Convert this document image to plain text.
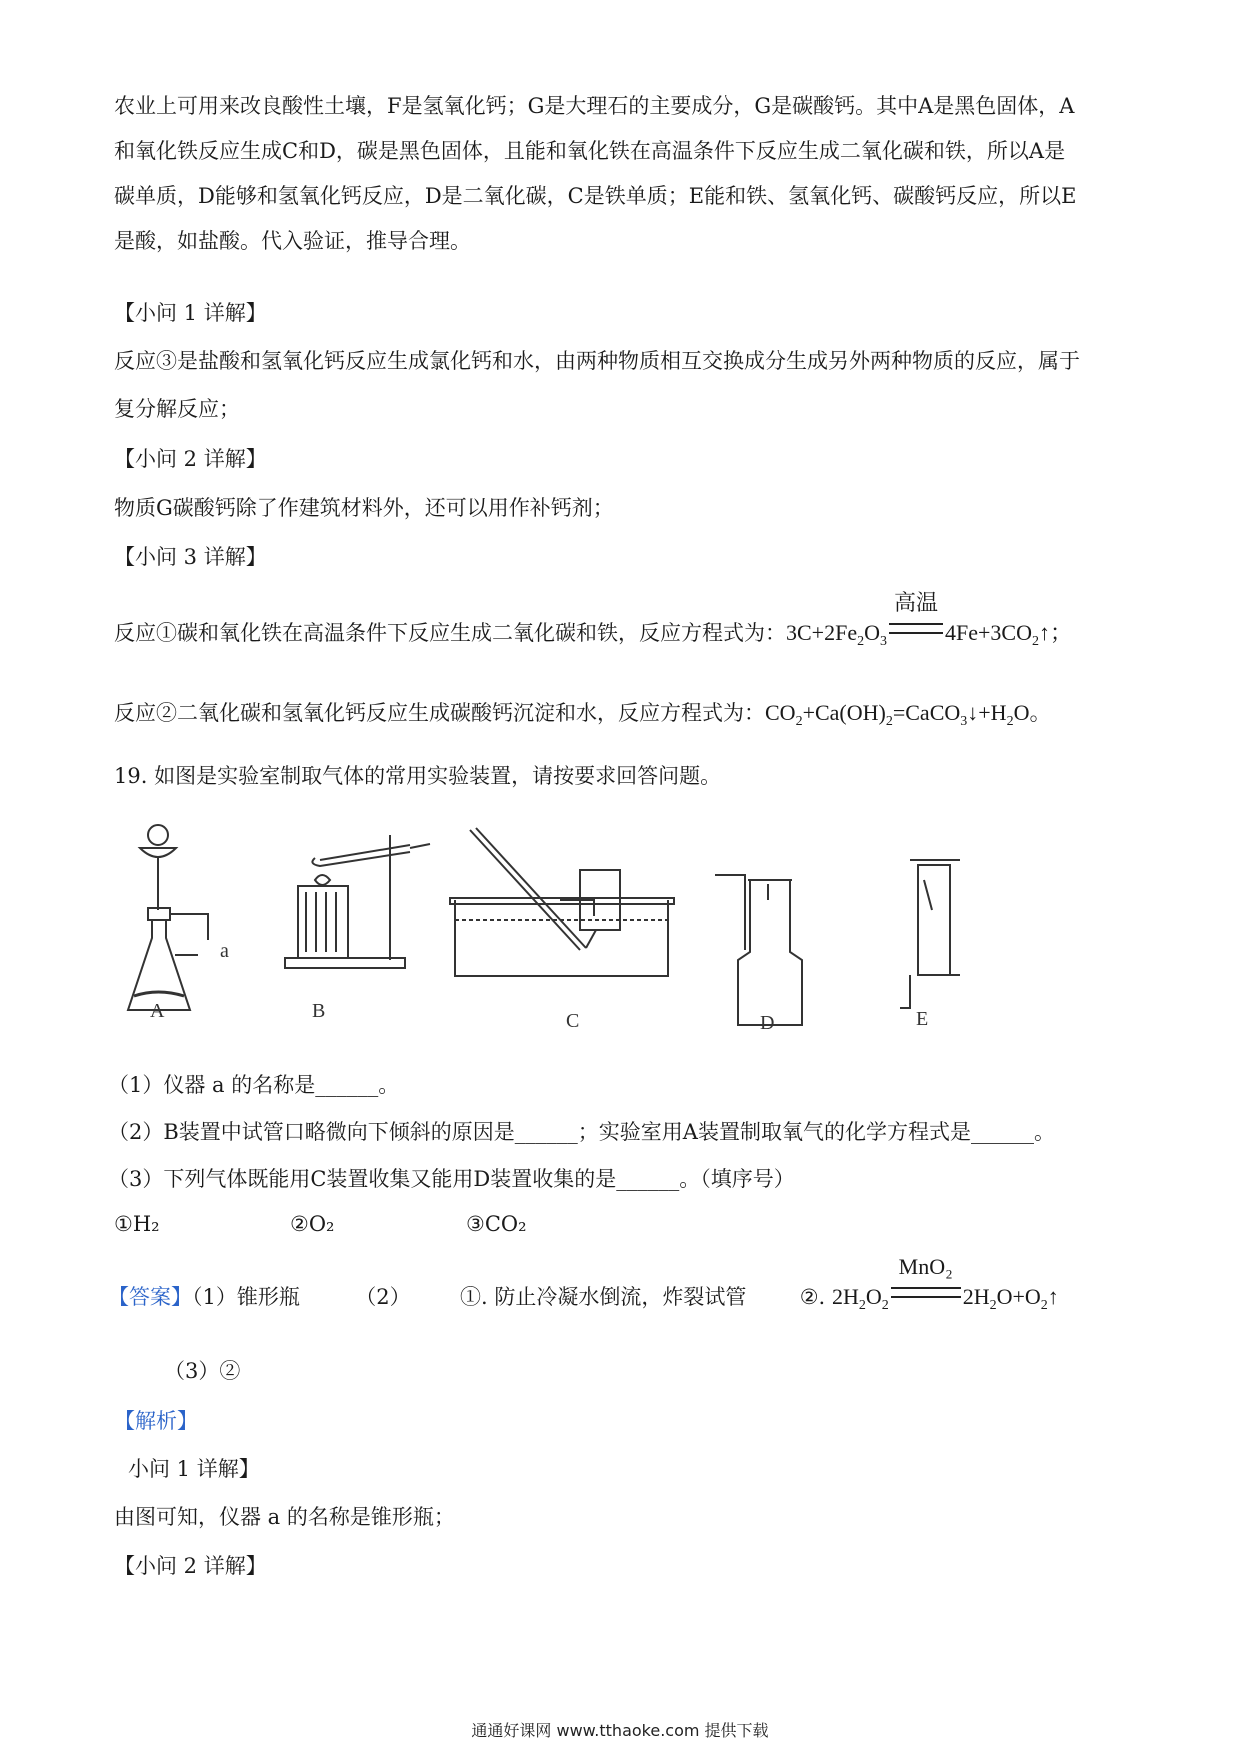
农业上可用来改良酸性土壤，F是氢氧化钙；G是大理石的主要成分，G是碳酸钙。其中A是黑色固体，A
和氧化铁反应生成C和D，碳是黑色固体，且能和氧化铁在高温条件下反应生成二氧化碳和铁，所以A是
碳单质，D能够和氢氧化钙反应，D是二氧化碳，C是铁单质；E能和铁、氢氧化钙、碳酸钙反应，所以E
是酸，如盐酸。代入验证，推导合理。
【小问 1 详解】
反应③是盐酸和氢氧化钙反应生成氯化钙和水，由两种物质相互交换成分生成另外两种物质的反应，属于
复分解反应；
【小问 2 详解】
物质G碳酸钙除了作建筑材料外，还可以用作补钙剂；
【小问 3 详解】
反应①碳和氧化铁在高温条件下反应生成二氧化碳和铁，反应方程式为：$3C+2Fe_2O_3$
高温
$4Fe+3CO_2↑$；
反应②二氧化碳和氢氧化钙反应生成碳酸钙沉淀和水，反应方程式为：$CO_2+Ca(OH)_2=CaCO_3↓+H_2O$。
19. 如图是实验室制取气体的常用实验装置，请按要求回答问题。
A	B	C	D	E
a
（1）仪器 a 的名称是______。
（2）B装置中试管口略微向下倾斜的原因是______；实验室用A装置制取氧气的化学方程式是______。
（3）下列气体既能用C装置收集又能用D装置收集的是______。（填序号）
①H₂	②O₂	③CO₂
【答案】（1）锥形瓶	（2） ①. 防止冷凝水倒流，炸裂试管	②. $2H_2O_2$
MnO₂
$2H_2O+O_2↑$
（3）②
【解析】
小问 1 详解】
由图可知，仪器 a 的名称是锥形瓶；
【小问 2 详解】
通通好课网 www.tthaoke.com 提供下载
